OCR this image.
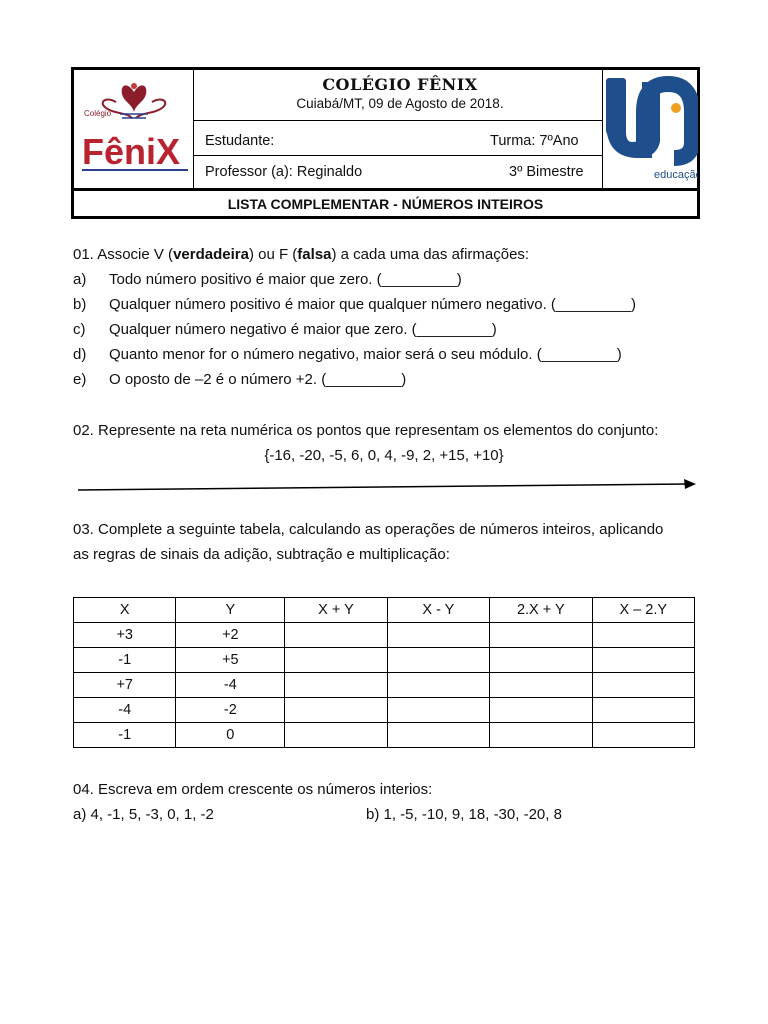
Colégio
FêniX
COLÉGIO FÊNIX
Cuiabá/MT, 09 de Agosto de 2018.
Estudante:	Turma: 7ºAno
Professor (a): Reginaldo	3º Bimestre	educação
LISTA COMPLEMENTAR - NÚMEROS INTEIROS
01. Associe V (verdadeira) ou F (falsa) a cada uma das afirmações:
a) Todo número positivo é maior que zero. (_________)
b) Qualquer número positivo é maior que qualquer número negativo. (_________)
c) Qualquer número negativo é maior que zero. (_________)
d) Quanto menor for o número negativo, maior será o seu módulo. (_________)
e) O oposto de –2 é o número +2. (_________)
02. Represente na reta numérica os pontos que representam os elementos do conjunto:
{-16, -20, -5, 6, 0, 4, -9, 2, +15, +10}
03. Complete a seguinte tabela, calculando as operações de números inteiros, aplicando
as regras de sinais da adição, subtração e multiplicação:
X	Y	X + Y	X - Y	2.X + Y	X – 2.Y
+3	+2				
-1	+5				
+7	-4				
-4	-2				
-1	0				
04. Escreva em ordem crescente os números interios:
a) 4, -1, 5, -3, 0, 1, -2	b) 1, -5, -10, 9, 18, -30, -20, 8
